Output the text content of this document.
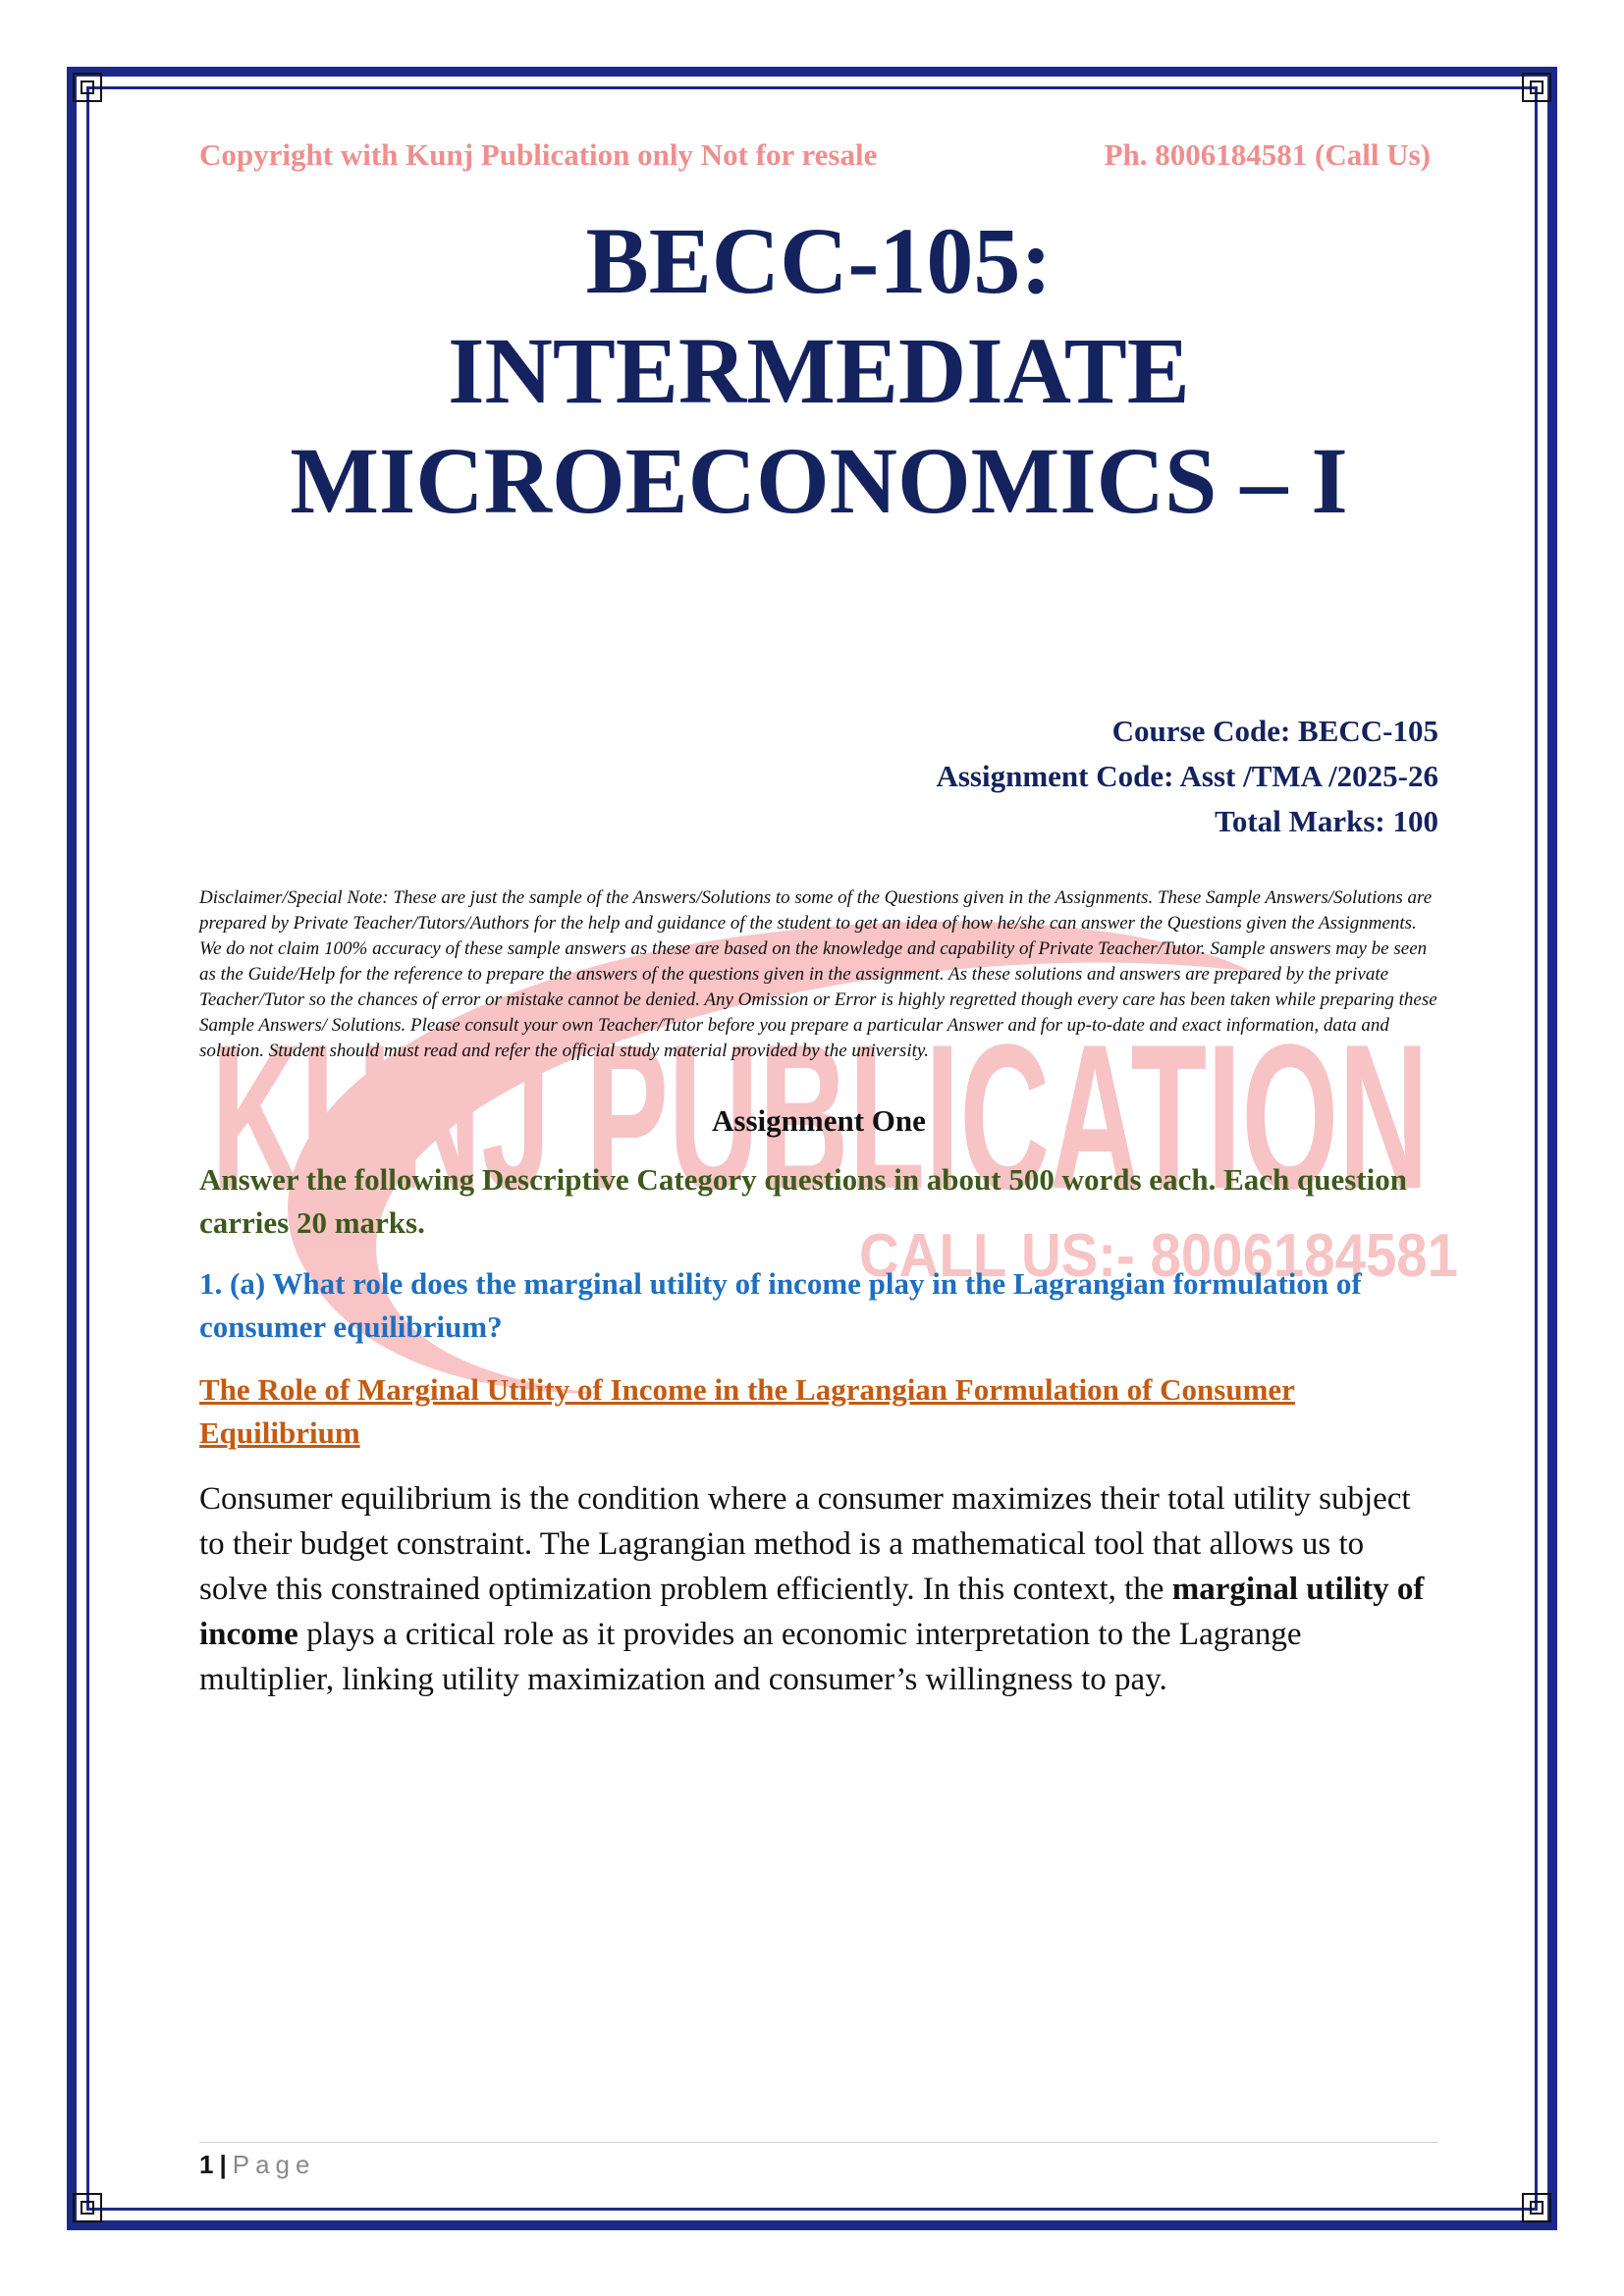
KUNJ PUBLICATION
CALL US:- 8006184581
Copyright with Kunj Publication only Not for resale	Ph. 8006184581 (Call Us)
BECC-105:
INTERMEDIATE
MICROECONOMICS – I
Course Code: BECC-105
Assignment Code: Asst /TMA /2025-26
Total Marks: 100
Disclaimer/Special Note: These are just the sample of the Answers/Solutions to some of the Questions given in the Assignments. These Sample Answers/Solutions are prepared by Private Teacher/Tutors/Authors for the help and guidance of the student to get an idea of how he/she can answer the Questions given the Assignments. We do not claim 100% accuracy of these sample answers as these are based on the knowledge and capability of Private Teacher/Tutor. Sample answers may be seen as the Guide/Help for the reference to prepare the answers of the questions given in the assignment. As these solutions and answers are prepared by the private Teacher/Tutor so the chances of error or mistake cannot be denied. Any Omission or Error is highly regretted though every care has been taken while preparing these Sample Answers/ Solutions. Please consult your own Teacher/Tutor before you prepare a particular Answer and for up-to-date and exact information, data and solution. Student should must read and refer the official study material provided by the university.
Assignment One
Answer the following Descriptive Category questions in about 500 words each. Each question carries 20 marks.
1. (a) What role does the marginal utility of income play in the Lagrangian formulation of consumer equilibrium?
The Role of Marginal Utility of Income in the Lagrangian Formulation of Consumer Equilibrium

Consumer equilibrium is the condition where a consumer maximizes their total utility subject to their budget constraint. The Lagrangian method is a mathematical tool that allows us to solve this constrained optimization problem efficiently. In this context, the marginal utility of income plays a critical role as it provides an economic interpretation to the Lagrange multiplier, linking utility maximization and consumer’s willingness to pay.

1 | Page
